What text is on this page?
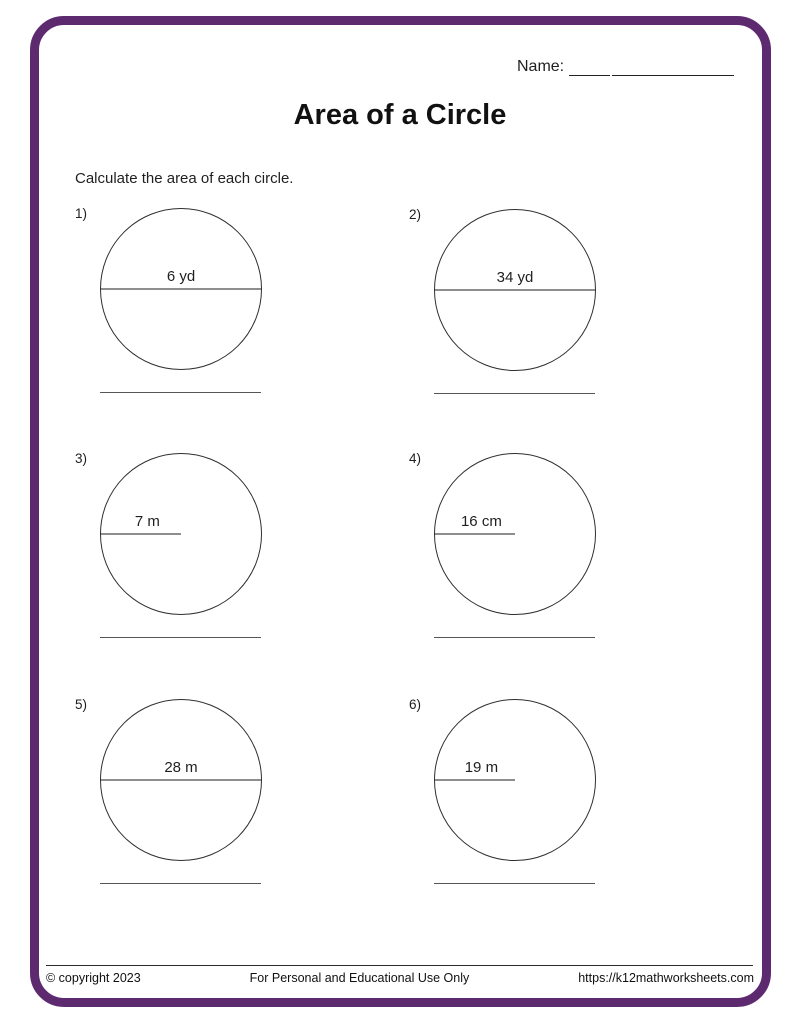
Name:
Area of a Circle
Calculate the area of each circle.
1)
6 yd
2)
34 yd
3)
7 m
4)
16 cm
5)
28 m
6)
19 m
© copyright 2023	For Personal and Educational Use Only	https://k12mathworksheets.com
